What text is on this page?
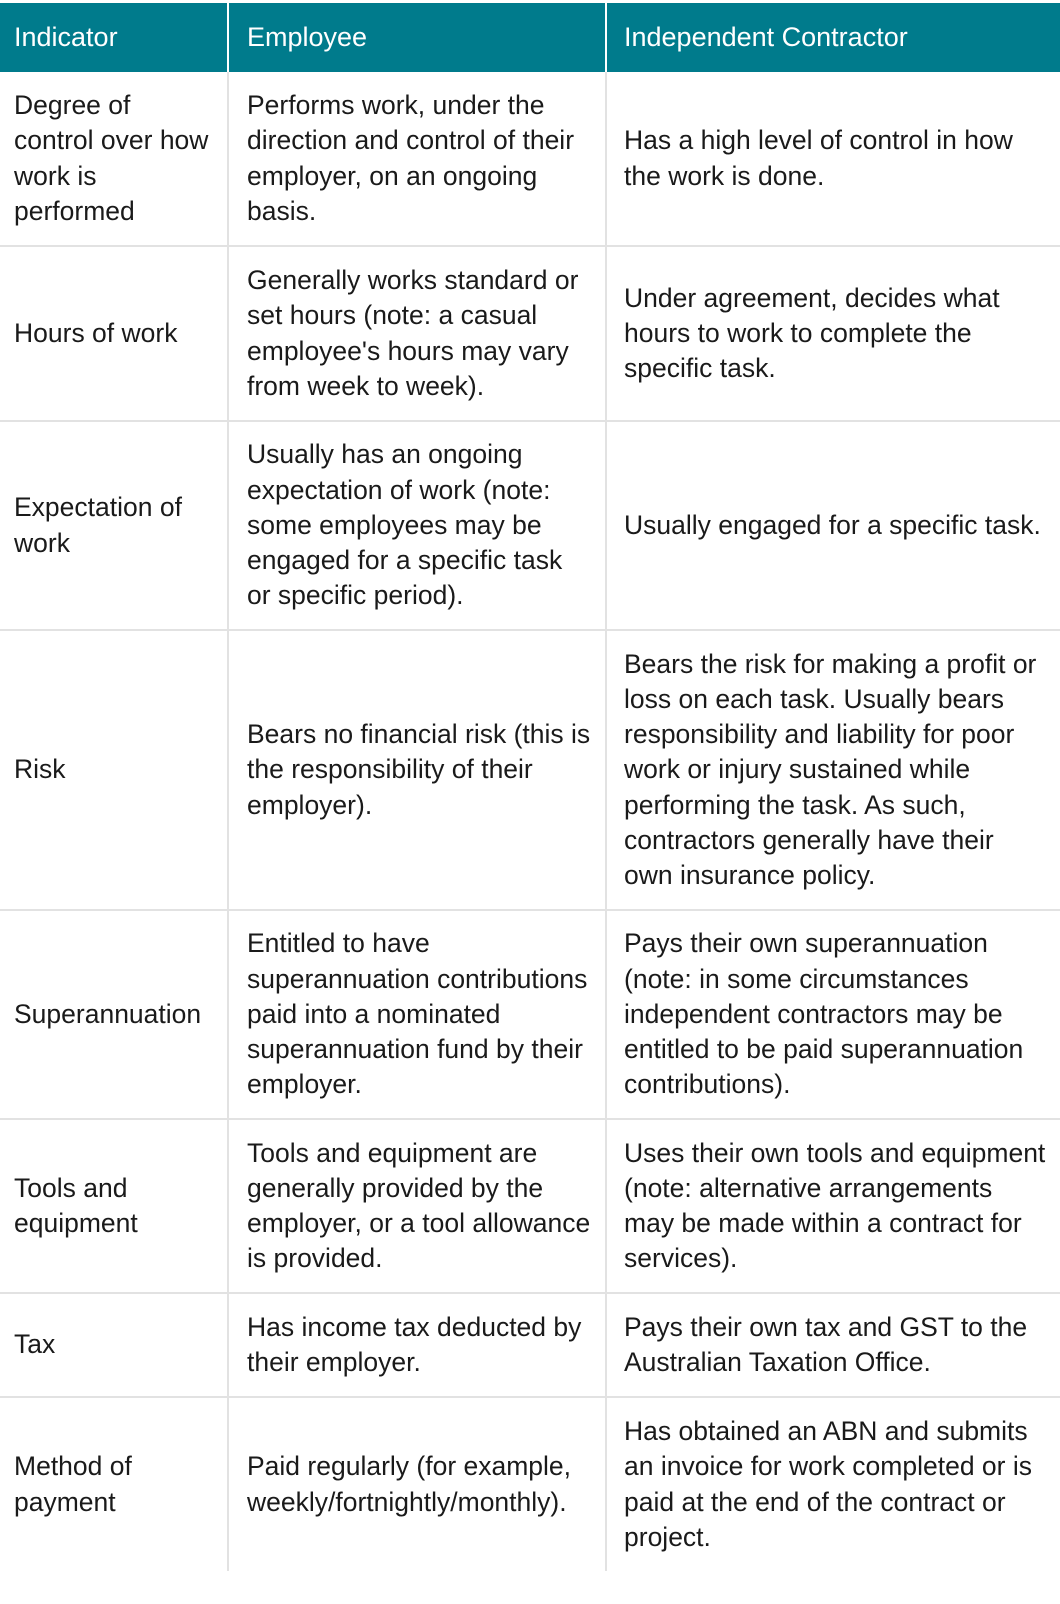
Indicator	Employee	Independent Contractor
Degree of control over how work is performed	Performs work, under the direction and control of their employer, on an ongoing basis.	Has a high level of control in how the work is done.
Hours of work	Generally works standard or set hours (note: a casual employee's hours may vary from week to week).	Under agreement, decides what hours to work to complete the specific task.
Expectation of work	Usually has an ongoing expectation of work (note: some employees may be engaged for a specific task or specific period).	Usually engaged for a specific task.
Risk	Bears no financial risk (this is the responsibility of their employer).	Bears the risk for making a profit or loss on each task. Usually bears responsibility and liability for poor work or injury sustained while performing the task. As such, contractors generally have their own insurance policy.
Superannuation	Entitled to have superannuation contributions paid into a nominated superannuation fund by their employer.	Pays their own superannuation (note: in some circumstances independent contractors may be entitled to be paid superannuation contributions).
Tools and equipment	Tools and equipment are generally provided by the employer, or a tool allowance is provided.	Uses their own tools and equipment (note: alternative arrangements may be made within a contract for services).
Tax	Has income tax deducted by their employer.	Pays their own tax and GST to the Australian Taxation Office.
Method of payment	Paid regularly (for example, weekly/fortnightly/monthly).	Has obtained an ABN and submits an invoice for work completed or is paid at the end of the contract or project.
